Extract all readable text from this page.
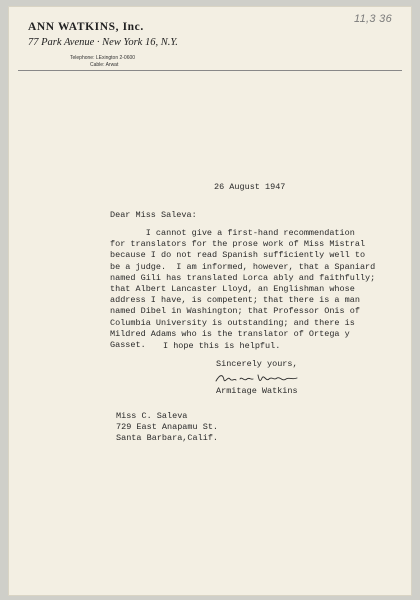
11,3 36
ANN WATKINS, Inc.
77 Park Avenue · New York 16, N.Y.
Telephone: LExington 2-0600
Cable: Arwat
26 August 1947
Dear Miss Saleva:
I cannot give a first-hand recommendation
for translators for the prose work of Miss Mistral
because I do not read Spanish sufficiently well to
be a judge.  I am informed, however, that a Spaniard
named Gili has translated Lorca ably and faithfully;
that Albert Lancaster Lloyd, an Englishman whose
address I have, is competent; that there is a man
named Dibel in Washington; that Professor Onis of
Columbia University is outstanding; and there is
Mildred Adams who is the translator of Ortega y
Gasset.	I hope this is helpful.
Sincerely yours,
Armitage Watkins
Miss C. Saleva
729 East Anapamu St.
Santa Barbara,Calif.
